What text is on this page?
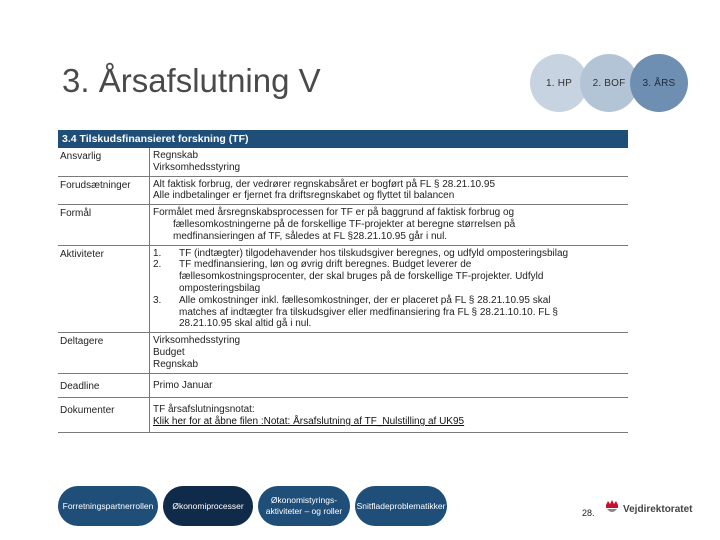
3. Årsafslutning V	1. HP	2. BOF	3. ÅRS
3.4 Tilskudsfinansieret forskning (TF)
Ansvarlig	Regnskab
Virksomhedsstyring
Forudsætninger	Alt faktisk forbrug, der vedrører regnskabsåret er bogført på FL § 28.21.10.95
Alle indbetalinger er fjernet fra driftsregnskabet og flyttet til balancen
Formål	Formålet med årsregnskabsprocessen for TF er på baggrund af faktisk forbrug og
fællesomkostningerne på de forskellige TF-projekter at beregne størrelsen på
medfinansieringen af TF, således at FL §28.21.10.95 går i nul.
Aktiviteter	1.	TF (indtægter) tilgodehavender hos tilskudsgiver beregnes, og udfyld omposteringsbilag
2.	TF medfinansiering, løn og øvrig drift beregnes. Budget leverer de
fællesomkostningsprocenter, der skal bruges på de forskellige TF-projekter. Udfyld
omposteringsbilag
3.	Alle omkostninger inkl. fællesomkostninger, der er placeret på FL § 28.21.10.95 skal
matches af indtægter fra tilskudsgiver eller medfinansiering fra FL § 28.21.10.10. FL §
28.21.10.95 skal altid gå i nul.
Deltagere	Virksomhedsstyring
Budget
Regnskab
Deadline	Primo Januar
Dokumenter	TF årsafslutningsnotat:
Klik her for at åbne filen :Notat: Årsafslutning af TF_Nulstilling af UK95
Forretningspartnerrollen	Økonomiprocesser
Økonomistyrings-
aktiviteter – og roller
Snitfladeproblematikker
28.	Vejdirektoratet
